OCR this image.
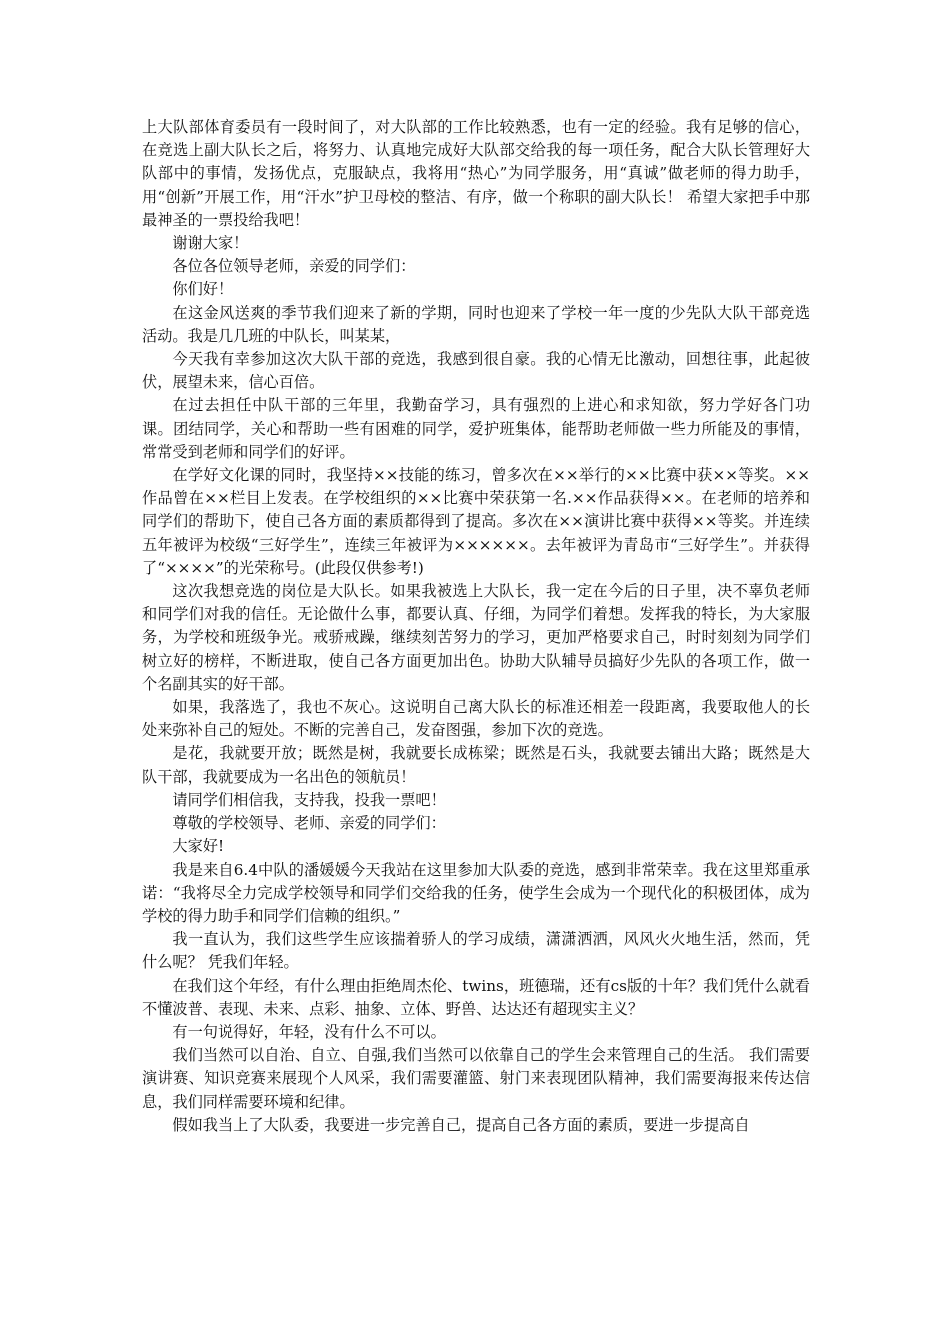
上大队部体育委员有一段时间了，对大队部的工作比较熟悉，也有一定的经验。我有足够的信心，在竞选上副大队长之后，将努力、认真地完成好大队部交给我的每一项任务，配合大队长管理好大队部中的事情，发扬优点，克服缺点，我将用“热心”为同学服务，用“真诚”做老师的得力助手，用“创新”开展工作，用“汗水”护卫母校的整洁、有序，做一个称职的副大队长！ 希望大家把手中那最神圣的一票投给我吧！

谢谢大家！

各位各位领导老师，亲爱的同学们：

你们好！

在这金风送爽的季节我们迎来了新的学期，同时也迎来了学校一年一度的少先队大队干部竞选活动。我是几几班的中队长，叫某某，

今天我有幸参加这次大队干部的竞选，我感到很自豪。我的心情无比激动，回想往事，此起彼伏，展望未来，信心百倍。

在过去担任中队干部的三年里，我勤奋学习，具有强烈的上进心和求知欲，努力学好各门功课。团结同学，关心和帮助一些有困难的同学，爱护班集体，能帮助老师做一些力所能及的事情，常常受到老师和同学们的好评。

在学好文化课的同时，我坚持××技能的练习，曾多次在××举行的××比赛中获××等奖。××作品曾在××栏目上发表。在学校组织的××比赛中荣获第一名.××作品获得××。在老师的培养和同学们的帮助下，使自己各方面的素质都得到了提高。多次在××演讲比赛中获得××等奖。并连续五年被评为校级“三好学生”，连续三年被评为××××××。去年被评为青岛市“三好学生”。并获得了“××××”的光荣称号。(此段仅供参考!)

这次我想竞选的岗位是大队长。如果我被选上大队长，我一定在今后的日子里，决不辜负老师和同学们对我的信任。无论做什么事，都要认真、仔细，为同学们着想。发挥我的特长，为大家服务，为学校和班级争光。戒骄戒躁，继续刻苦努力的学习，更加严格要求自己，时时刻刻为同学们树立好的榜样，不断进取，使自己各方面更加出色。协助大队辅导员搞好少先队的各项工作，做一个名副其实的好干部。

如果，我落选了，我也不灰心。这说明自己离大队长的标准还相差一段距离，我要取他人的长处来弥补自己的短处。不断的完善自己，发奋图强，参加下次的竞选。

是花，我就要开放；既然是树，我就要长成栋梁；既然是石头，我就要去铺出大路；既然是大队干部，我就要成为一名出色的领航员！

请同学们相信我，支持我，投我一票吧！

尊敬的学校领导、老师、亲爱的同学们：

大家好!

我是来自6.4中队的潘媛媛今天我站在这里参加大队委的竞选，感到非常荣幸。我在这里郑重承诺：“我将尽全力完成学校领导和同学们交给我的任务，使学生会成为一个现代化的积极团体，成为学校的得力助手和同学们信赖的组织。”

我一直认为，我们这些学生应该揣着骄人的学习成绩，潇潇洒洒，风风火火地生活，然而，凭什么呢？ 凭我们年轻。

在我们这个年经，有什么理由拒绝周杰伦、twins，班德瑞，还有cs版的十年？我们凭什么就看不懂波普、表现、未来、点彩、抽象、立体、野兽、达达还有超现实主义？

有一句说得好，年轻，没有什么不可以。

我们当然可以自治、自立、自强,我们当然可以依靠自己的学生会来管理自己的生活。 我们需要演讲赛、知识竞赛来展现个人风采，我们需要灌篮、射门来表现团队精神，我们需要海报来传达信息，我们同样需要环境和纪律。

假如我当上了大队委，我要进一步完善自己，提高自己各方面的素质，要进一步提高自
